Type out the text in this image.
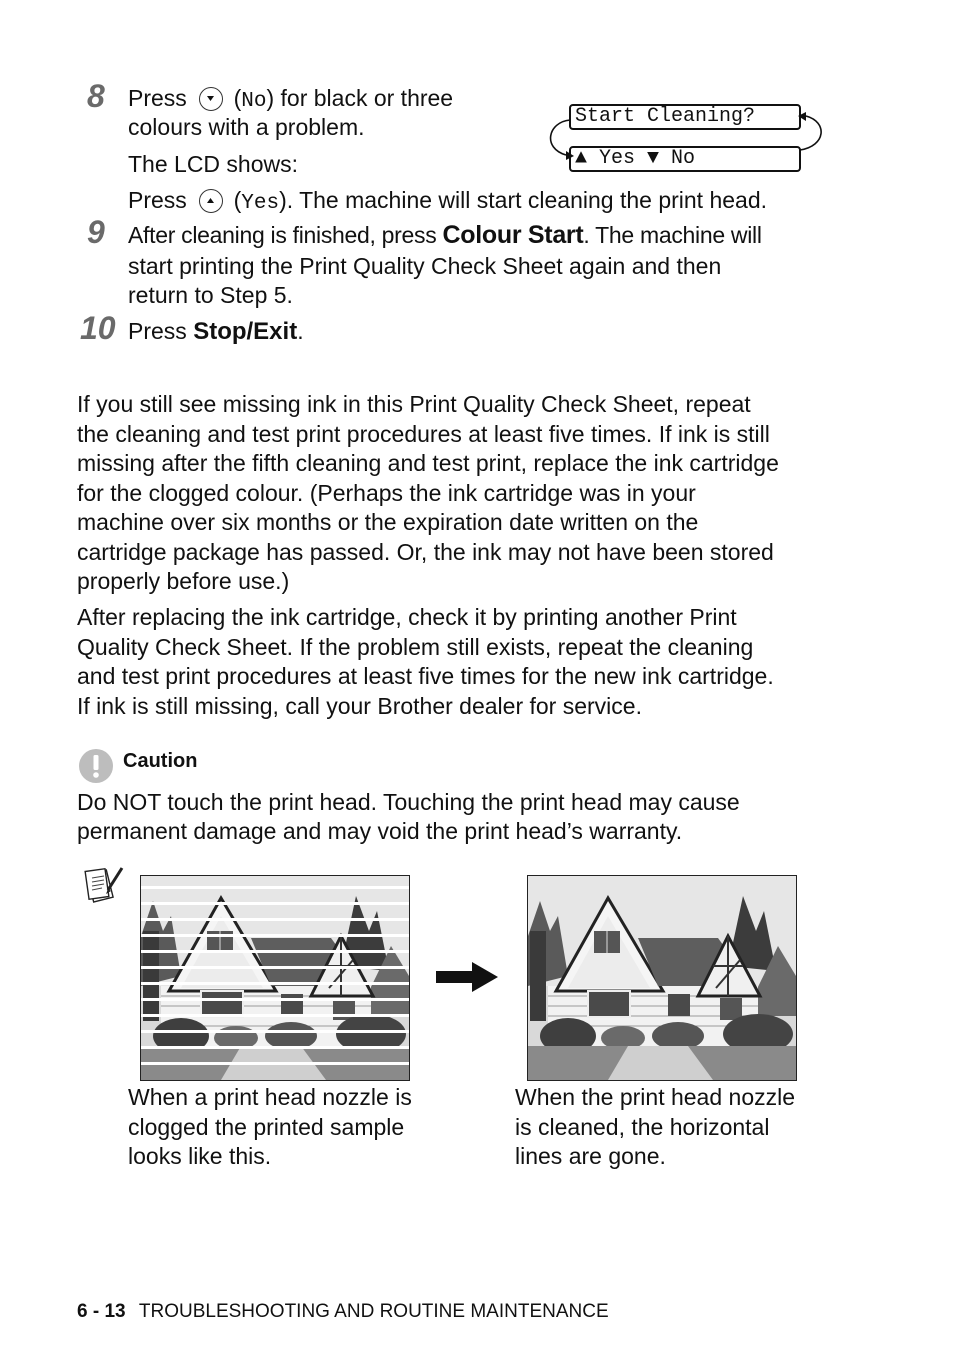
8 Press (No) for black or three
colours with a problem.
The LCD shows:
Press (Yes). The machine will start cleaning the print head.
Start Cleaning?
▲ Yes ▼ No
9 After cleaning is finished, press Colour Start. The machine will
start printing the Print Quality Check Sheet again and then
return to Step 5.
10 Press Stop/Exit.
If you still see missing ink in this Print Quality Check Sheet, repeat
the cleaning and test print procedures at least five times. If ink is still
missing after the fifth cleaning and test print, replace the ink cartridge
for the clogged colour. (Perhaps the ink cartridge was in your
machine over six months or the expiration date written on the
cartridge package has passed. Or, the ink may not have been stored
properly before use.)
After replacing the ink cartridge, check it by printing another Print
Quality Check Sheet. If the problem still exists, repeat the cleaning
and test print procedures at least five times for the new ink cartridge.
If ink is still missing, call your Brother dealer for service.
Caution
Do NOT touch the print head. Touching the print head may cause
permanent damage and may void the print head’s warranty.
When a print head nozzle is
clogged the printed sample
looks like this.
When the print head nozzle
is cleaned, the horizontal
lines are gone.
6 - 13 TROUBLESHOOTING AND ROUTINE MAINTENANCE
